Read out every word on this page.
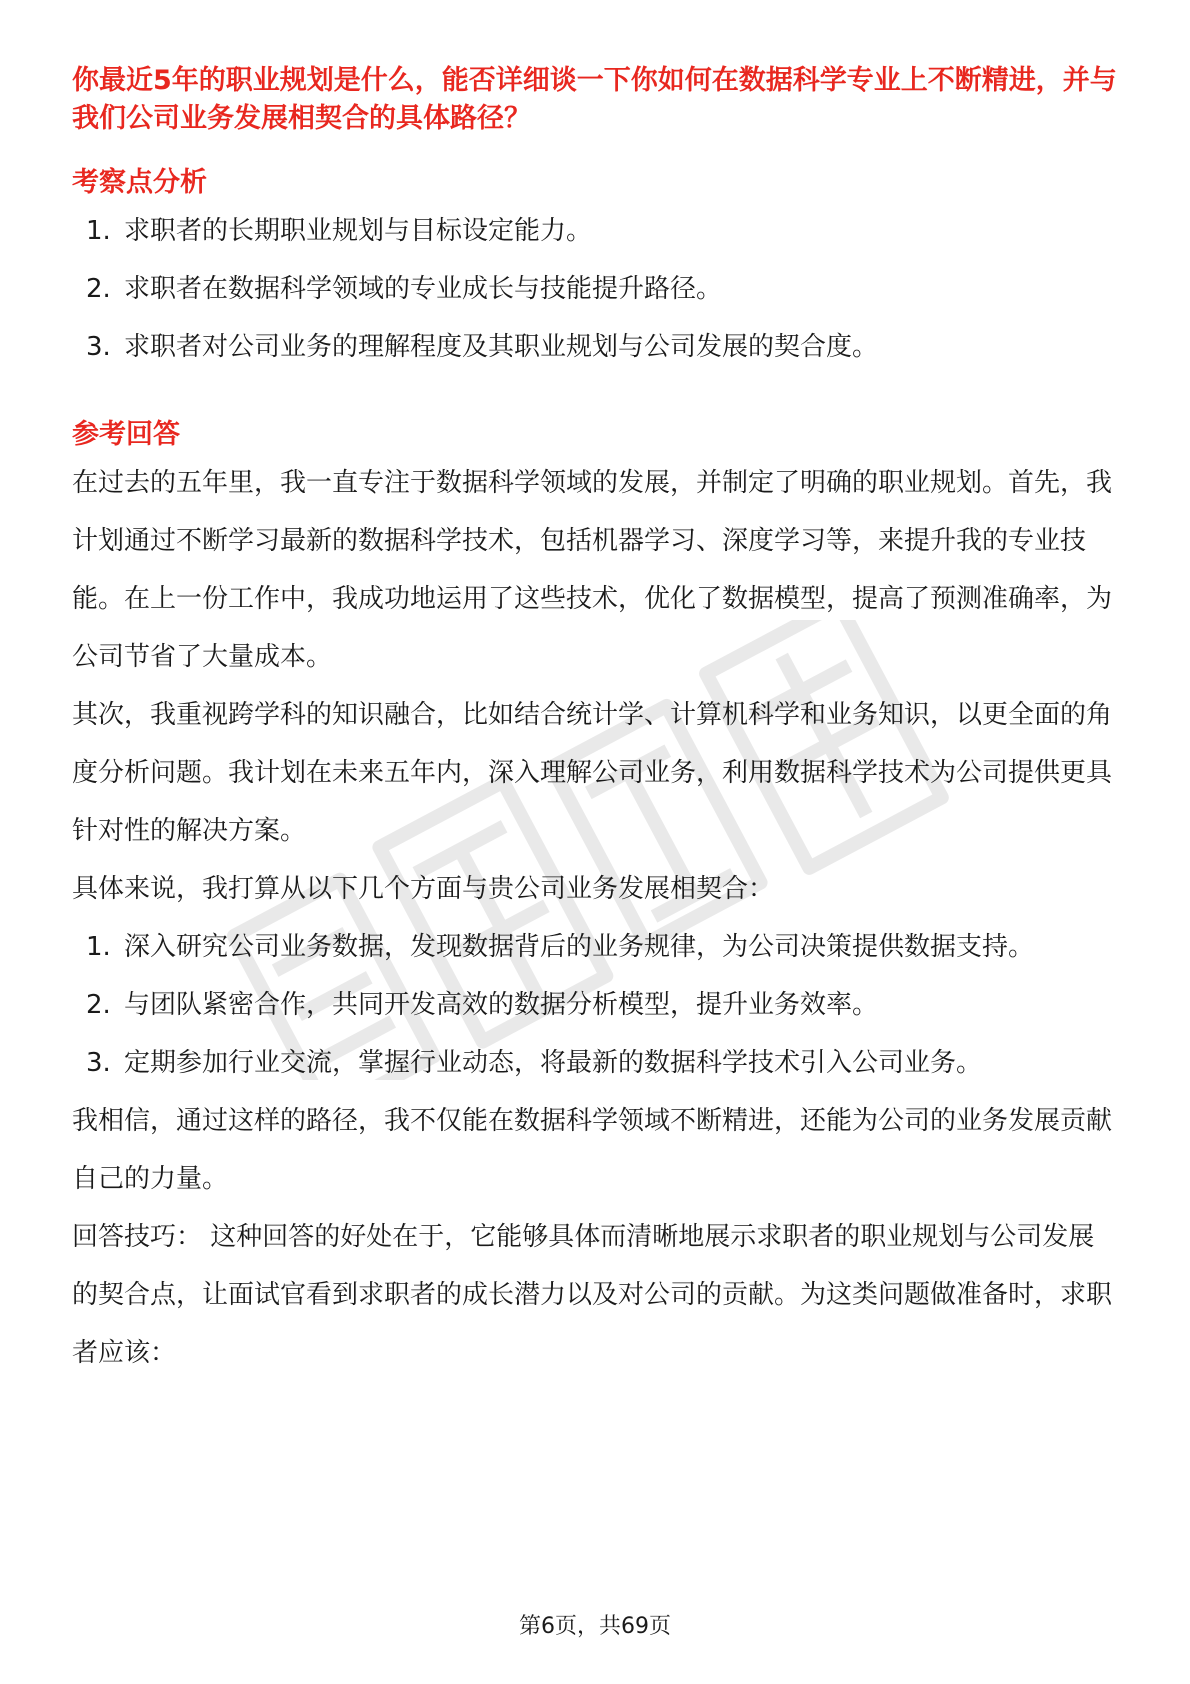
你最近5年的职业规划是什么，能否详细谈一下你如何在数据科学专业上不断精进，并与我们公司业务发展相契合的具体路径？
考察点分析
1. 求职者的长期职业规划与目标设定能力。
2. 求职者在数据科学领域的专业成长与技能提升路径。
3. 求职者对公司业务的理解程度及其职业规划与公司发展的契合度。
参考回答

在过去的五年里，我一直专注于数据科学领域的发展，并制定了明确的职业规划。首先，我计划通过不断学习最新的数据科学技术，包括机器学习、深度学习等，来提升我的专业技能。在上一份工作中，我成功地运用了这些技术，优化了数据模型，提高了预测准确率，为公司节省了大量成本。

其次，我重视跨学科的知识融合，比如结合统计学、计算机科学和业务知识，以更全面的角度分析问题。我计划在未来五年内，深入理解公司业务，利用数据科学技术为公司提供更具针对性的解决方案。

具体来说，我打算从以下几个方面与贵公司业务发展相契合：

1. 深入研究公司业务数据，发现数据背后的业务规律，为公司决策提供数据支持。
2. 与团队紧密合作，共同开发高效的数据分析模型，提升业务效率。
3. 定期参加行业交流，掌握行业动态，将最新的数据科学技术引入公司业务。

我相信，通过这样的路径，我不仅能在数据科学领域不断精进，还能为公司的业务发展贡献自己的力量。

回答技巧： 这种回答的好处在于，它能够具体而清晰地展示求职者的职业规划与公司发展的契合点，让面试官看到求职者的成长潜力以及对公司的贡献。为这类问题做准备时，求职者应该：

第6页，共69页
